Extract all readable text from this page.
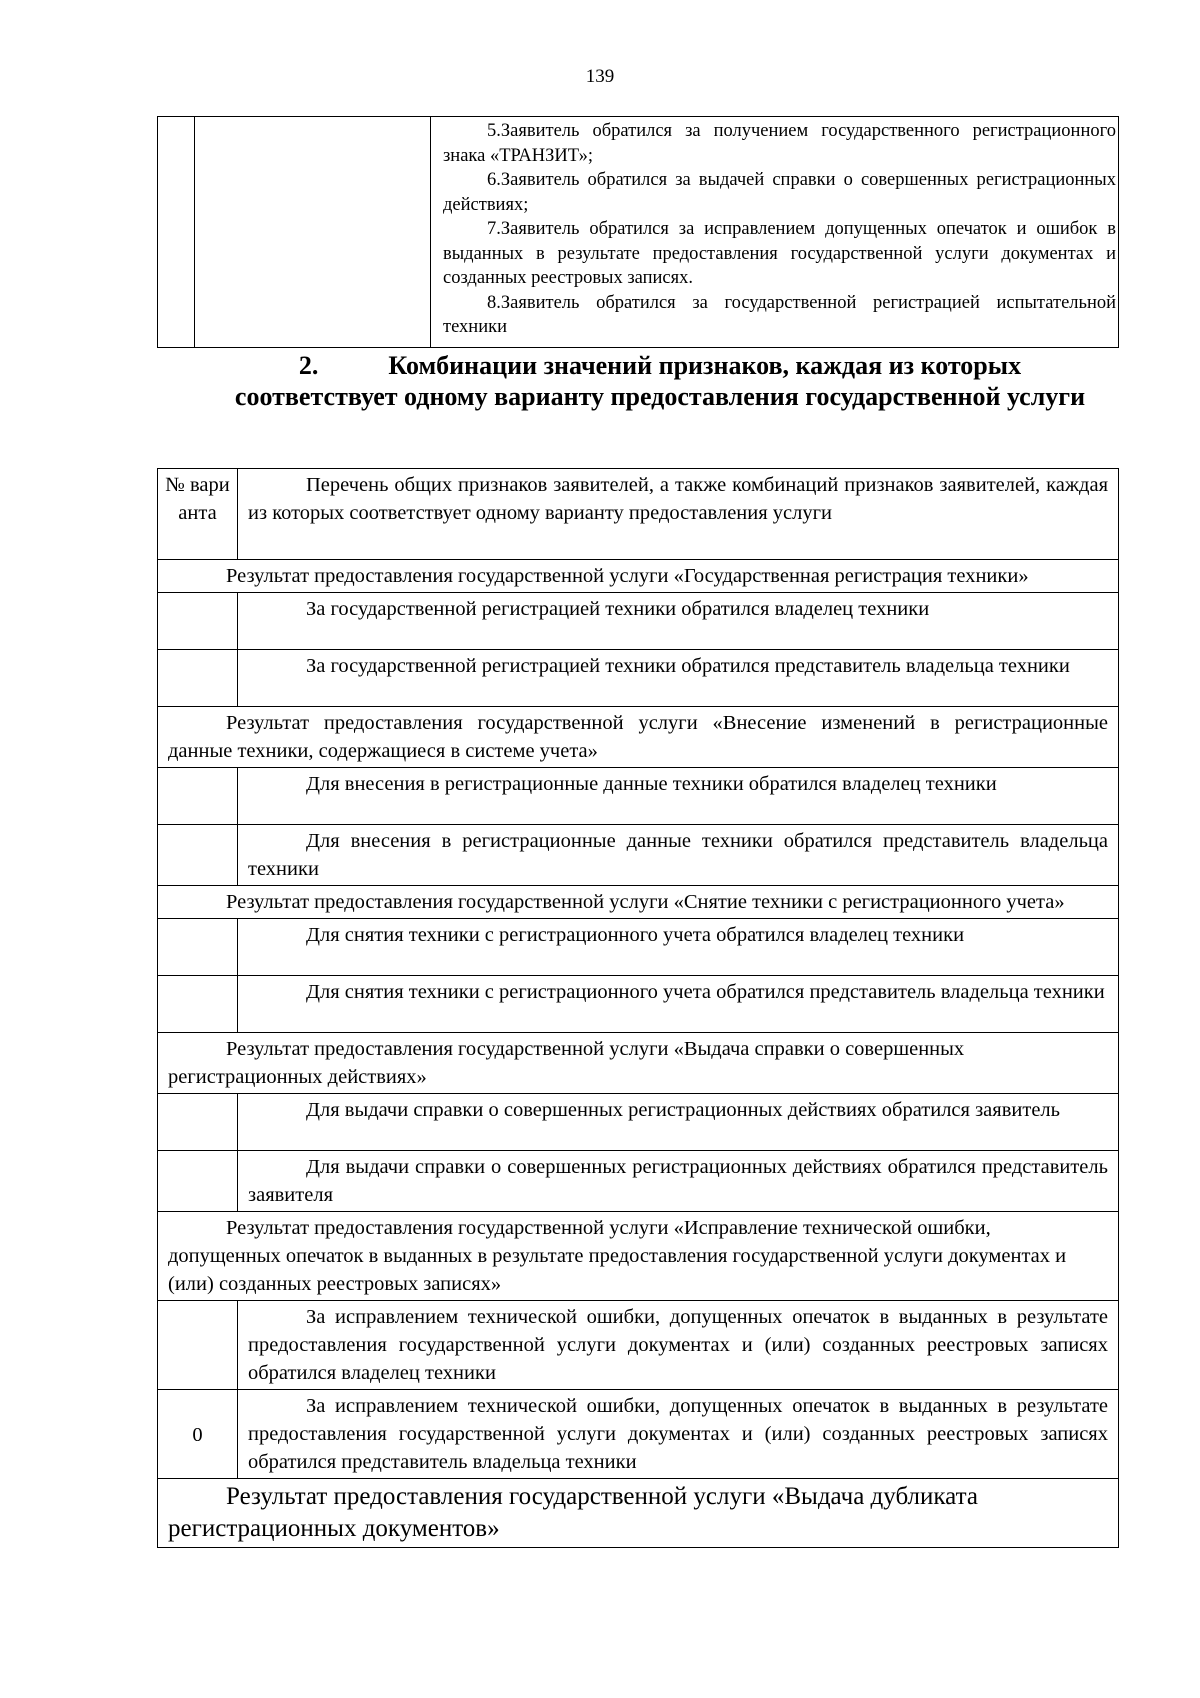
139

5.Заявитель обратился за получением государственного регистрационного знака «ТРАНЗИТ»;

6.Заявитель обратился за выдачей справки о совершенных регистрационных действиях;

7.Заявитель обратился за исправлением допущенных опечаток и ошибок в выданных в результате предоставления государственной услуги документах и созданных реестровых записях.

8.Заявитель обратился за государственной регистрацией испытательной техники

2.	Комбинации значений признаков, каждая из которых соответствует одному варианту предоставления государственной услуги
№ вари анта	Перечень общих признаков заявителей, а также комбинаций признаков заявителей, каждая из которых соответствует одному варианту предоставления услуги

Результат предоставления государственной услуги «Государственная регистрация техники»	

	За государственной регистрацией техники обратился владелец техники

	За государственной регистрацией техники обратился представитель владельца техники

Результат предоставления государственной услуги «Внесение изменений в регистрационные данные техники, содержащиеся в системе учета»	

	Для внесения в регистрационные данные техники обратился владелец техники

	Для внесения в регистрационные данные техники обратился представитель владельца техники

Результат предоставления государственной услуги «Снятие техники с регистрационного учета»	

	Для снятия техники с регистрационного учета обратился владелец техники

	Для снятия техники с регистрационного учета обратился представитель владельца техники

Результат предоставления государственной услуги «Выдача справки о совершенных регистрационных действиях»	

	Для выдачи справки о совершенных регистрационных действиях обратился заявитель

	Для выдачи справки о совершенных регистрационных действиях обратился представитель заявителя

Результат предоставления государственной услуги «Исправление технической ошибки, допущенных опечаток в выданных в результате предоставления государственной услуги документах и (или) созданных реестровых записях»	

	За исправлением технической ошибки, допущенных опечаток в выданных в результате предоставления государственной услуги документах и (или) созданных реестровых записях обратился владелец техники

0	За исправлением технической ошибки, допущенных опечаток в выданных в результате предоставления государственной услуги документах и (или) созданных реестровых записях обратился представитель владельца техники

Результат предоставления государственной услуги «Выдача дубликата регистрационных документов»	
